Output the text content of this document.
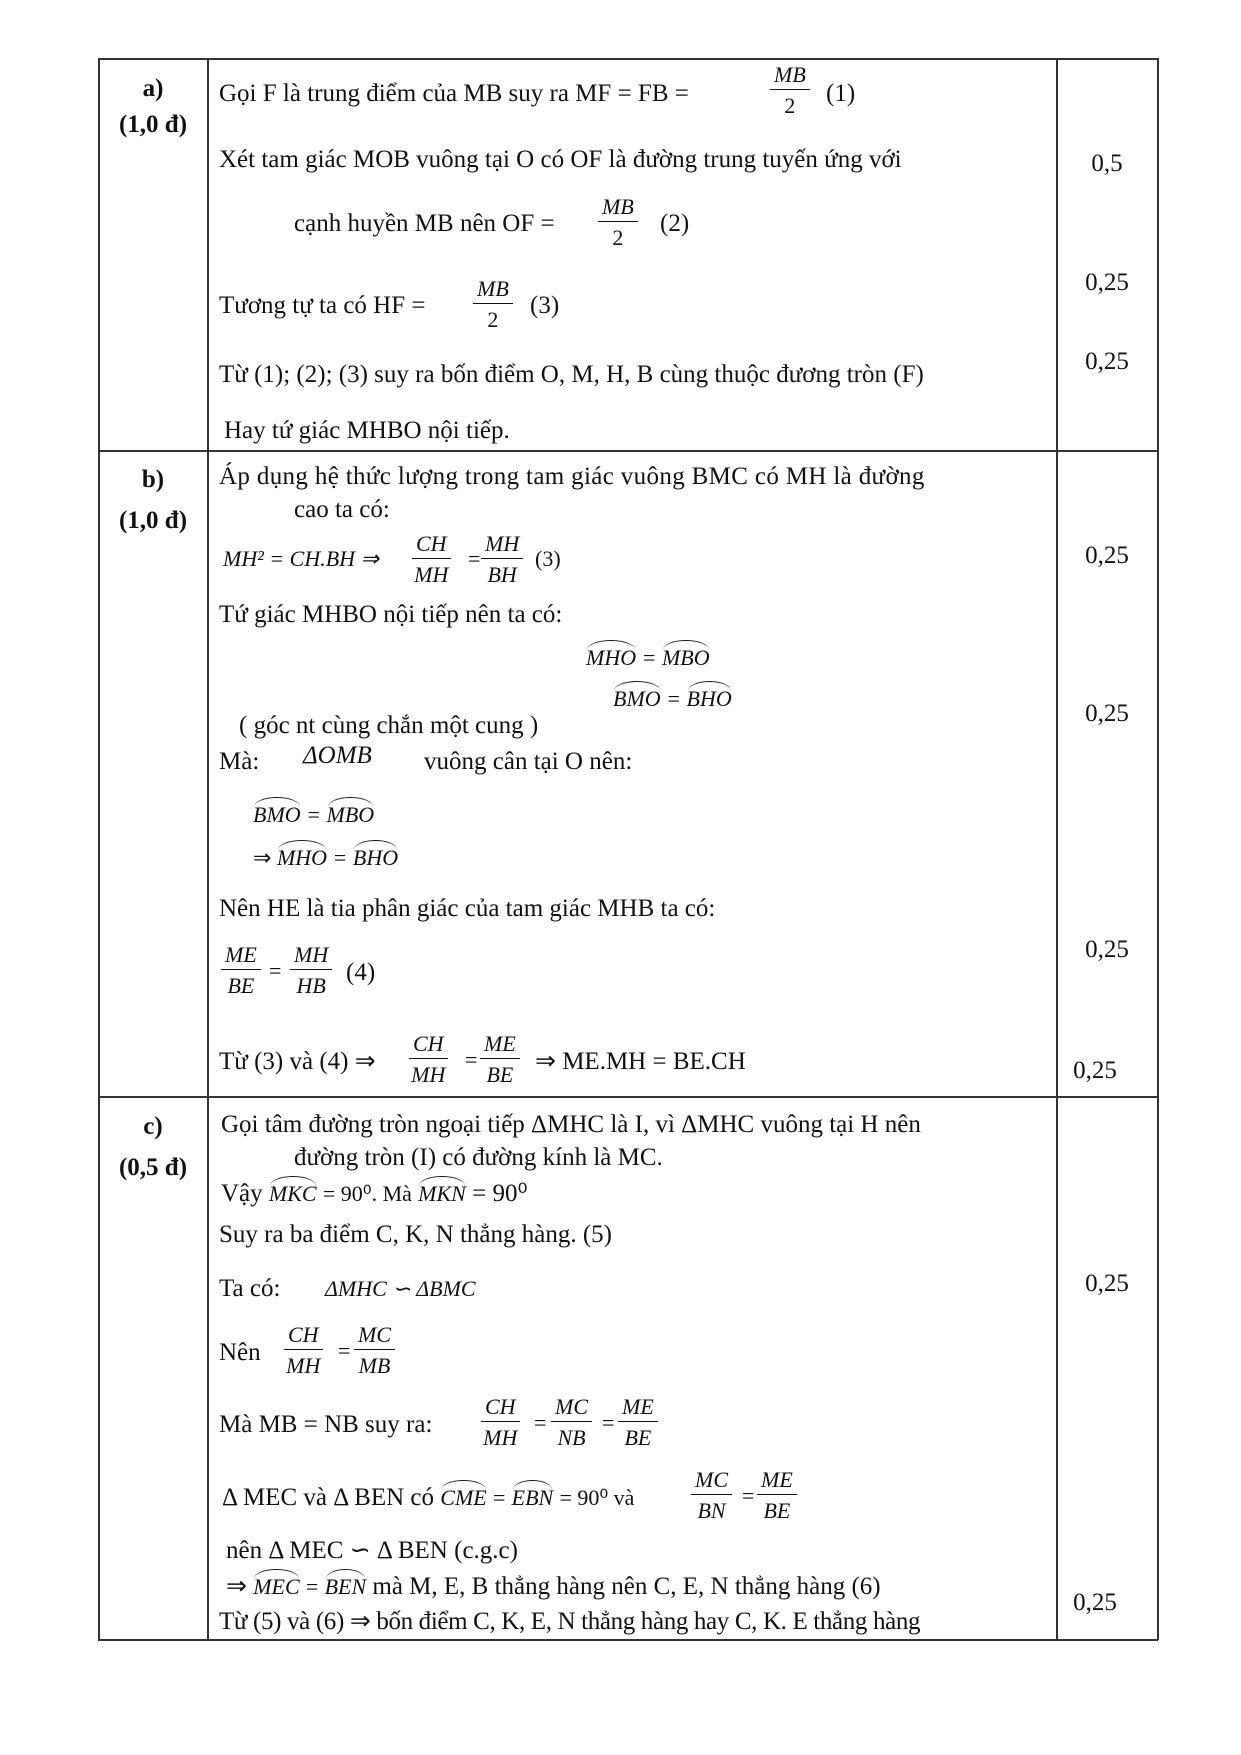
a)
(1,0 đ)
Gọi F là trung điểm của MB suy ra MF = FB =	$\frac{MB}{2} (1)$
Xét tam giác MOB vuông tại O có OF là đường trung tuyến ứng với
cạnh huyền MB nên OF = $\frac{MB}{2} (2)$
Tương tự ta có HF = $\frac{MB}{2} (3)$
Từ (1); (2); (3) suy ra bốn điểm O, M, H, B cùng thuộc đương tròn (F)
Hay tứ giác MHBO nội tiếp.
0,5
0,25
0,25
b)
(1,0 đ)
Áp dụng hệ thức lượng trong tam giác vuông BMC có MH là đường
cao ta có:
MH² = CH.BH ⇒ $\frac{CH}{MH} = \frac{MH}{BH} (3)$
Tứ giác MHBO nội tiếp nên ta có:
MHO = MBO
BMO = BHO
( góc nt cùng chắn một cung )
Mà: ΔOMB vuông cân tại O nên:
BMO = MBO
⇒ MHO = BHO
Nên HE là tia phân giác của tam giác MHB ta có:
$\frac{ME}{BE} = \frac{MH}{HB} (4)$
Từ (3) và (4) ⇒ $\frac{CH}{MH} = \frac{ME}{BE}$ ⇒ ME.MH = BE.CH
0,25
0,25
0,25
0,25
c)
(0,5 đ)
Gọi tâm đường tròn ngoại tiếp ΔMHC là I, vì ΔMHC vuông tại H nên
đường tròn (I) có đường kính là MC.
Vậy MKC = 90⁰. Mà MKN = 90⁰
Suy ra ba điểm C, K, N thẳng hàng. (5)
Ta có: ΔMHC ∽ ΔBMC
Nên $\frac{CH}{MH} = \frac{MC}{MB}$
Mà MB = NB suy ra: $\frac{CH}{MH} = \frac{MC}{NB} = \frac{ME}{BE}$
Δ MEC và Δ BEN có CME = EBN = 90⁰ và	$\frac{MC}{BN} = \frac{ME}{BE}$
nên Δ MEC ∽ Δ BEN (c.g.c)
⇒ MEC = BEN mà M, E, B thẳng hàng nên C, E, N thẳng hàng (6)
Từ (5) và (6) ⇒ bốn điểm C, K, E, N thẳng hàng hay C, K. E thẳng hàng
0,25
0,25
